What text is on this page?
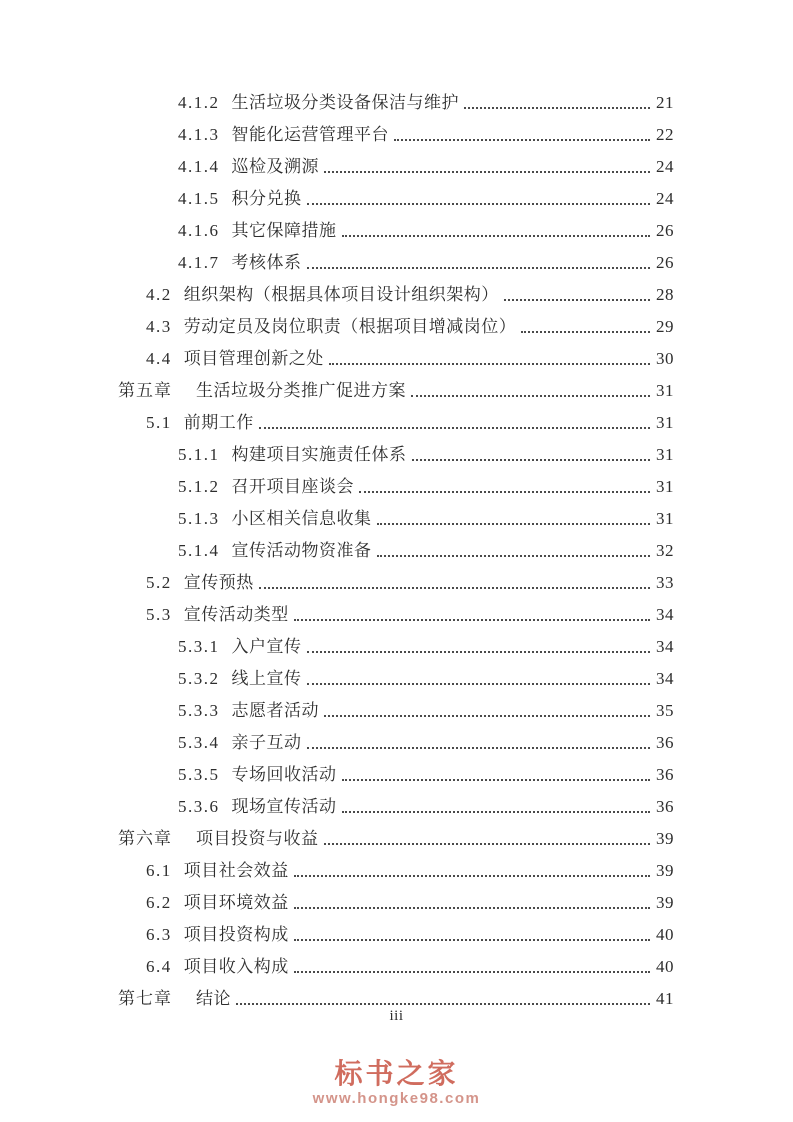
4.1.2 生活垃圾分类设备保洁与维护	21
4.1.3 智能化运营管理平台	22
4.1.4 巡检及溯源	24
4.1.5 积分兑换	24
4.1.6 其它保障措施	26
4.1.7 考核体系	26
4.2 组织架构（根据具体项目设计组织架构）	28
4.3 劳动定员及岗位职责（根据项目增减岗位）	29
4.4 项目管理创新之处	30
第五章 生活垃圾分类推广促进方案	31
5.1 前期工作	31
5.1.1 构建项目实施责任体系	31
5.1.2 召开项目座谈会	31
5.1.3 小区相关信息收集	31
5.1.4 宣传活动物资准备	32
5.2 宣传预热	33
5.3 宣传活动类型	34
5.3.1 入户宣传	34
5.3.2 线上宣传	34
5.3.3 志愿者活动	35
5.3.4 亲子互动	36
5.3.5 专场回收活动	36
5.3.6 现场宣传活动	36
第六章 项目投资与收益	39
6.1 项目社会效益	39
6.2 项目环境效益	39
6.3 项目投资构成	40
6.4 项目收入构成	40
第七章 结论	41
iii
标书之家
www.hongke98.com
